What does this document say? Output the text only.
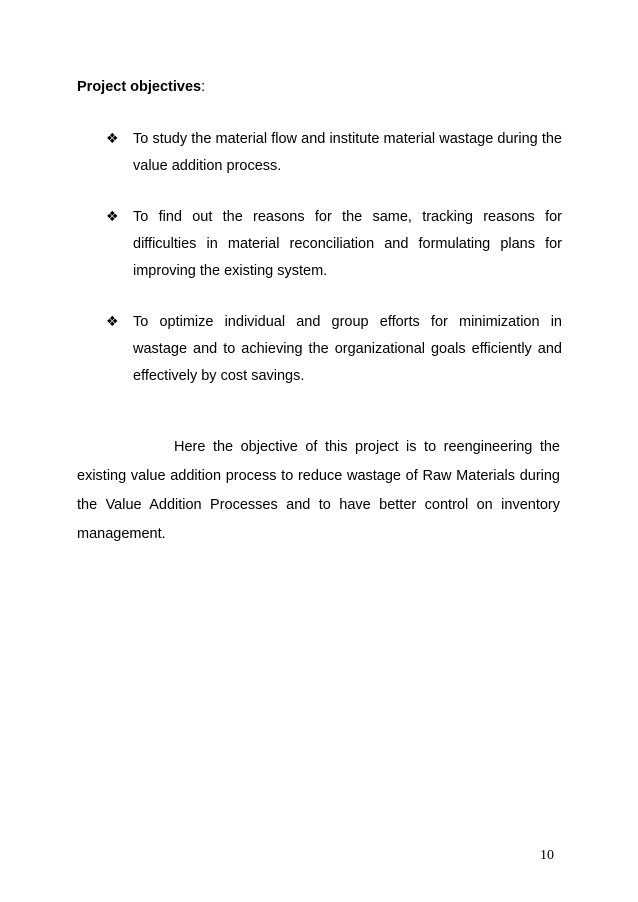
Project objectives:
❖ To study the material flow and institute material wastage during the value addition process.
❖ To find out the reasons for the same, tracking reasons for difficulties in material reconciliation and formulating plans for improving the existing system.
❖ To optimize individual and group efforts for minimization in wastage and to achieving the organizational goals efficiently and effectively by cost savings.
Here the objective of this project is to reengineering the existing value addition process to reduce wastage of Raw Materials during the Value Addition Processes and to have better control on inventory management.
10
